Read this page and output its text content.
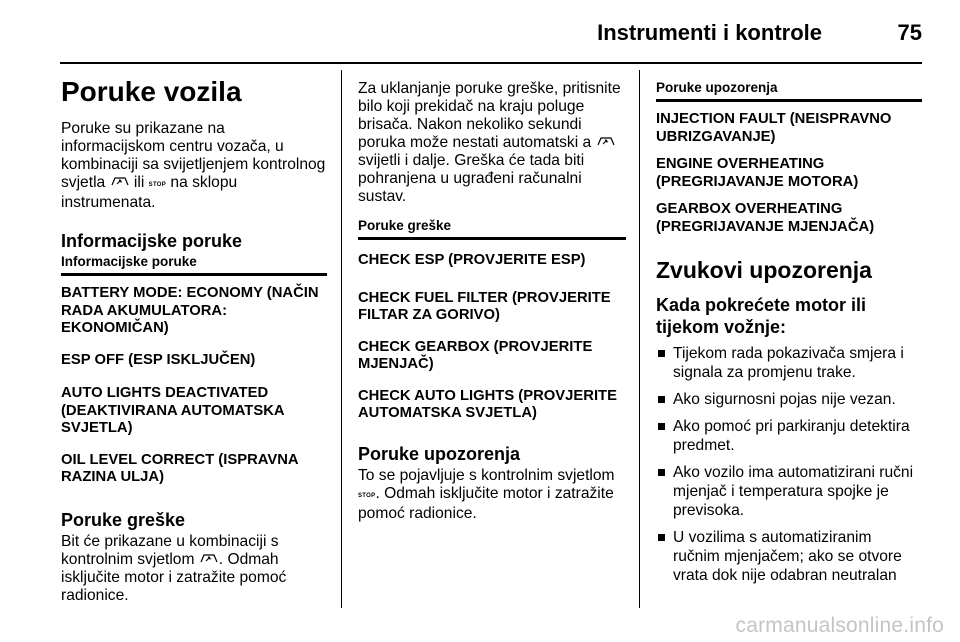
Instrumenti i kontrole	75
Poruke vozila

Poruke su prikazane na informacijskom centru vozača, u kombinaciji sa svijetljenjem kontrolnog svjetla ili STOP na sklopu instrumenata.

Informacijske poruke
Informacijske poruke
BATTERY MODE: ECONOMY (NAČIN RADA AKUMULATORA: EKONOMIČAN)
ESP OFF (ESP ISKLJUČEN)
AUTO LIGHTS DEACTIVATED (DEAKTIVIRANA AUTOMATSKA SVJETLA)
OIL LEVEL CORRECT (ISPRAVNA RAZINA ULJA)
Poruke greške

Bit će prikazane u kombinaciji s kontrolnim svjetlom . Odmah isključite motor i zatražite pomoć radionice.

Za uklanjanje poruke greške, pritisnite bilo koji prekidač na kraju poluge brisača. Nakon nekoliko sekundi poruka može nestati automatski a  svijetli i dalje. Greška će tada biti pohranjena u ugrađeni računalni sustav.

Poruke greške
CHECK ESP (PROVJERITE ESP)
CHECK FUEL FILTER (PROVJERITE FILTAR ZA GORIVO)
CHECK GEARBOX (PROVJERITE MJENJAČ)
CHECK AUTO LIGHTS (PROVJERITE AUTOMATSKA SVJETLA)
Poruke upozorenja

To se pojavljuje s kontrolnim svjetlom STOP. Odmah isključite motor i zatražite pomoć radionice.

Poruke upozorenja
INJECTION FAULT (NEISPRAVNO UBRIZGAVANJE)
ENGINE OVERHEATING (PREGRIJAVANJE MOTORA)
GEARBOX OVERHEATING (PREGRIJAVANJE MJENJAČA)
Zvukovi upozorenja
Kada pokrećete motor ili tijekom vožnje:
Tijekom rada pokazivača smjera i signala za promjenu trake.
Ako sigurnosni pojas nije vezan.
Ako pomoć pri parkiranju detektira predmet.
Ako vozilo ima automatizirani ručni mjenjač i temperatura spojke je previsoka.
U vozilima s automatiziranim ručnim mjenjačem; ako se otvore vrata dok nije odabran neutralan
carmanualsonline.info
